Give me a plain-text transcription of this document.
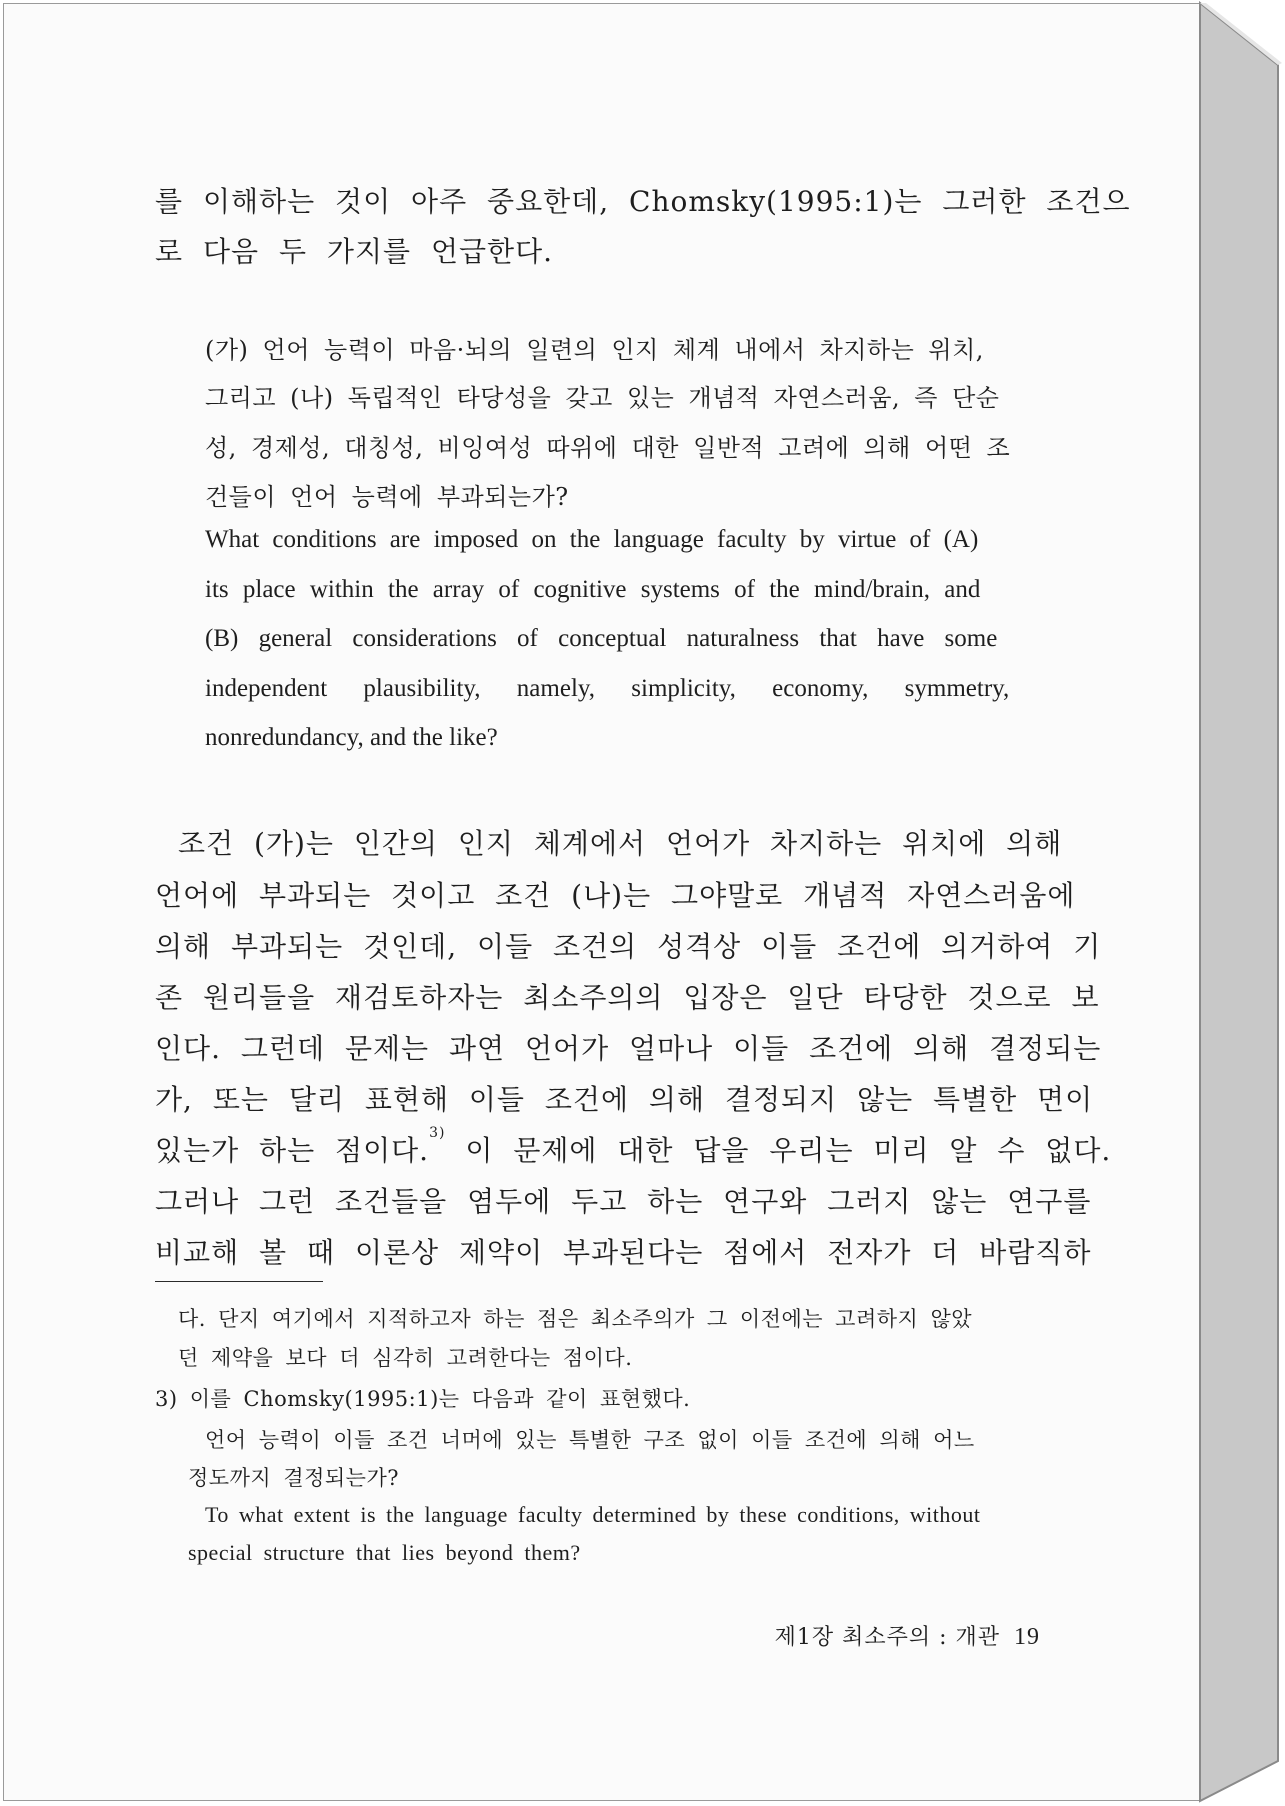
를 이해하는 것이 아주 중요한데, Chomsky(1995:1)는 그러한 조건으

로 다음 두 가지를 언급한다.

(가) 언어 능력이 마음·뇌의 일련의 인지 체계 내에서 차지하는 위치,

그리고 (나) 독립적인 타당성을 갖고 있는 개념적 자연스러움, 즉 단순

성, 경제성, 대칭성, 비잉여성 따위에 대한 일반적 고려에 의해 어떤 조

건들이 언어 능력에 부과되는가?

What conditions are imposed on the language faculty by virtue of (A)

its place within the array of cognitive systems of the mind/brain, and

(B) general considerations of conceptual naturalness that have some

independent plausibility, namely, simplicity, economy, symmetry,

nonredundancy, and the like?

조건 (가)는 인간의 인지 체계에서 언어가 차지하는 위치에 의해

언어에 부과되는 것이고 조건 (나)는 그야말로 개념적 자연스러움에

의해 부과되는 것인데, 이들 조건의 성격상 이들 조건에 의거하여 기

존 원리들을 재검토하자는 최소주의의 입장은 일단 타당한 것으로 보

인다. 그런데 문제는 과연 언어가 얼마나 이들 조건에 의해 결정되는

가, 또는 달리 표현해 이들 조건에 의해 결정되지 않는 특별한 면이

있는가 하는 점이다.$^{3)}$ 이 문제에 대한 답을 우리는 미리 알 수 없다.

그러나 그런 조건들을 염두에 두고 하는 연구와 그러지 않는 연구를

비교해 볼 때 이론상 제약이 부과된다는 점에서 전자가 더 바람직하

다. 단지 여기에서 지적하고자 하는 점은 최소주의가 그 이전에는 고려하지 않았

던 제약을 보다 더 심각히 고려한다는 점이다.

3) 이를 Chomsky(1995:1)는 다음과 같이 표현했다.

언어 능력이 이들 조건 너머에 있는 특별한 구조 없이 이들 조건에 의해 어느

정도까지 결정되는가?

To what extent is the language faculty determined by these conditions, without

special structure that lies beyond them?

제1장 최소주의 : 개관 19
